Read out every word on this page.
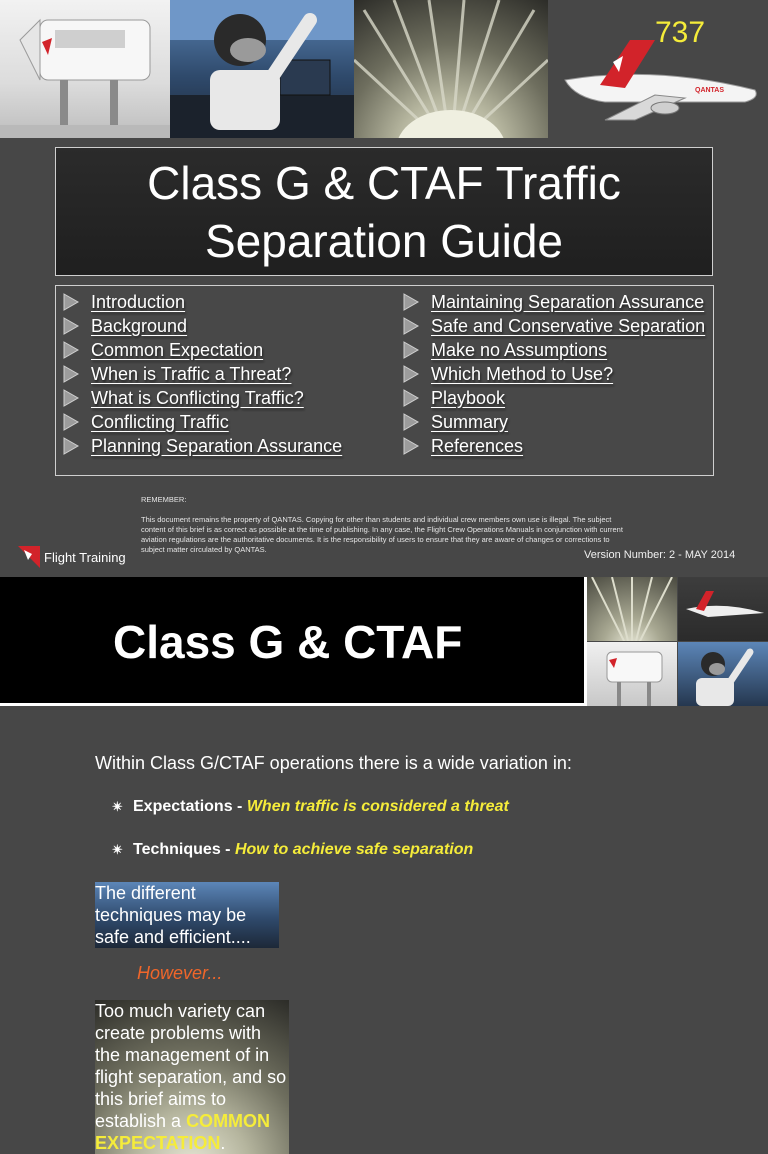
737
QANTAS
Class G & CTAF Traffic
Separation Guide
Introduction
Background
Common Expectation
When is Traffic a Threat?
What is Conflicting Traffic?
Conflicting Traffic
Planning Separation Assurance
Maintaining Separation Assurance
Safe and Conservative Separation
Make no Assumptions
Which Method to Use?
Playbook
Summary
References

REMEMBER:

This document remains the property of QANTAS. Copying for other than students and individual crew members own use is illegal. The subject content of this brief is as correct as possible at the time of publishing. In any case, the Flight Crew Operations Manuals in conjunction with current aviation regulations are the authoritative documents. It is the responsibility of users to ensure that they are aware of changes or corrections to subject matter circulated by QANTAS.

Flight Training	Version Number: 2 - MAY 2014
Class G & CTAF

Within Class G/CTAF operations there is a wide variation in:

✴ Expectations -
When traffic is considered a threat
✴ Techniques -
How to achieve safe separation

The different techniques may be safe and efficient....

However...

Too much variety can create problems with the management of in flight separation, and so this brief aims to establish a COMMON EXPECTATION.
